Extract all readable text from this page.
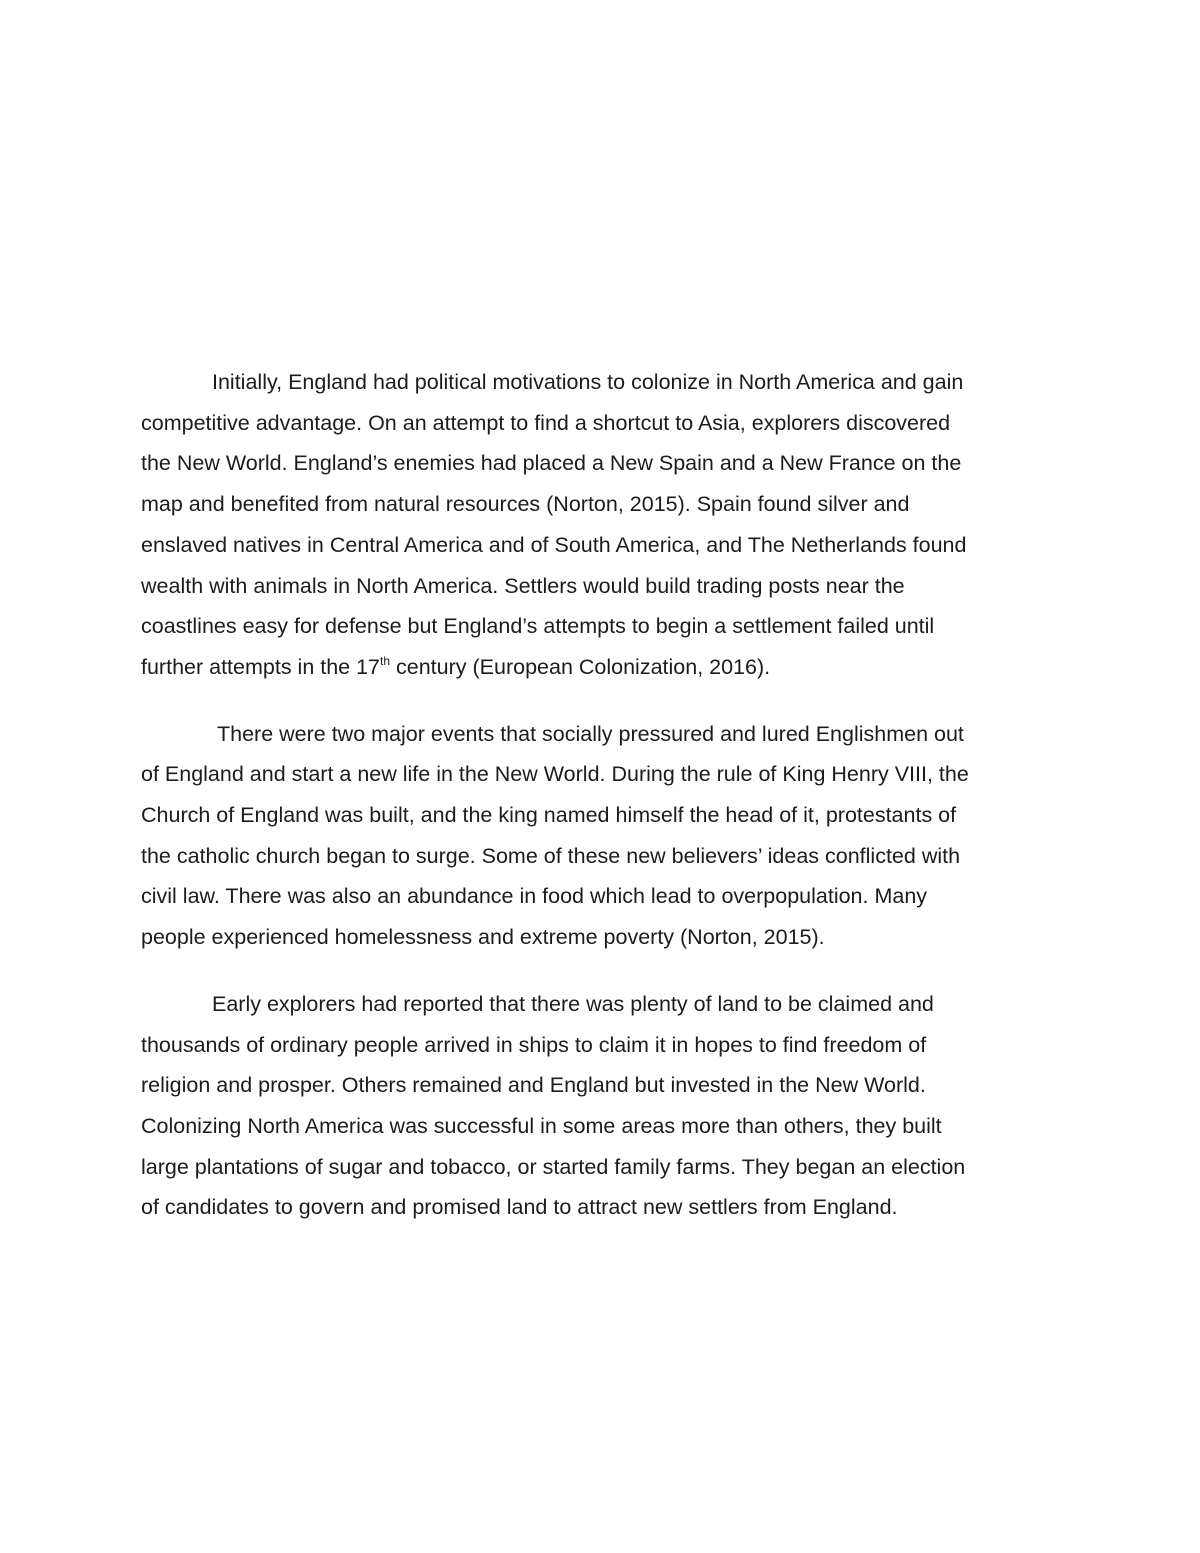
Initially, England had political motivations to colonize in North America and gain
competitive advantage. On an attempt to find a shortcut to Asia, explorers discovered
the New World. England’s enemies had placed a New Spain and a New France on the
map and benefited from natural resources (Norton, 2015). Spain found silver and
enslaved natives in Central America and of South America, and The Netherlands found
wealth with animals in North America. Settlers would build trading posts near the
coastlines easy for defense but England’s attempts to begin a settlement failed until
further attempts in the 17th century (European Colonization, 2016).

There were two major events that socially pressured and lured Englishmen out
of England and start a new life in the New World. During the rule of King Henry VIII, the
Church of England was built, and the king named himself the head of it, protestants of
the catholic church began to surge. Some of these new believers’ ideas conflicted with
civil law. There was also an abundance in food which lead to overpopulation. Many
people experienced homelessness and extreme poverty (Norton, 2015).

Early explorers had reported that there was plenty of land to be claimed and
thousands of ordinary people arrived in ships to claim it in hopes to find freedom of
religion and prosper. Others remained and England but invested in the New World.
Colonizing North America was successful in some areas more than others, they built
large plantations of sugar and tobacco, or started family farms. They began an election
of candidates to govern and promised land to attract new settlers from England.
